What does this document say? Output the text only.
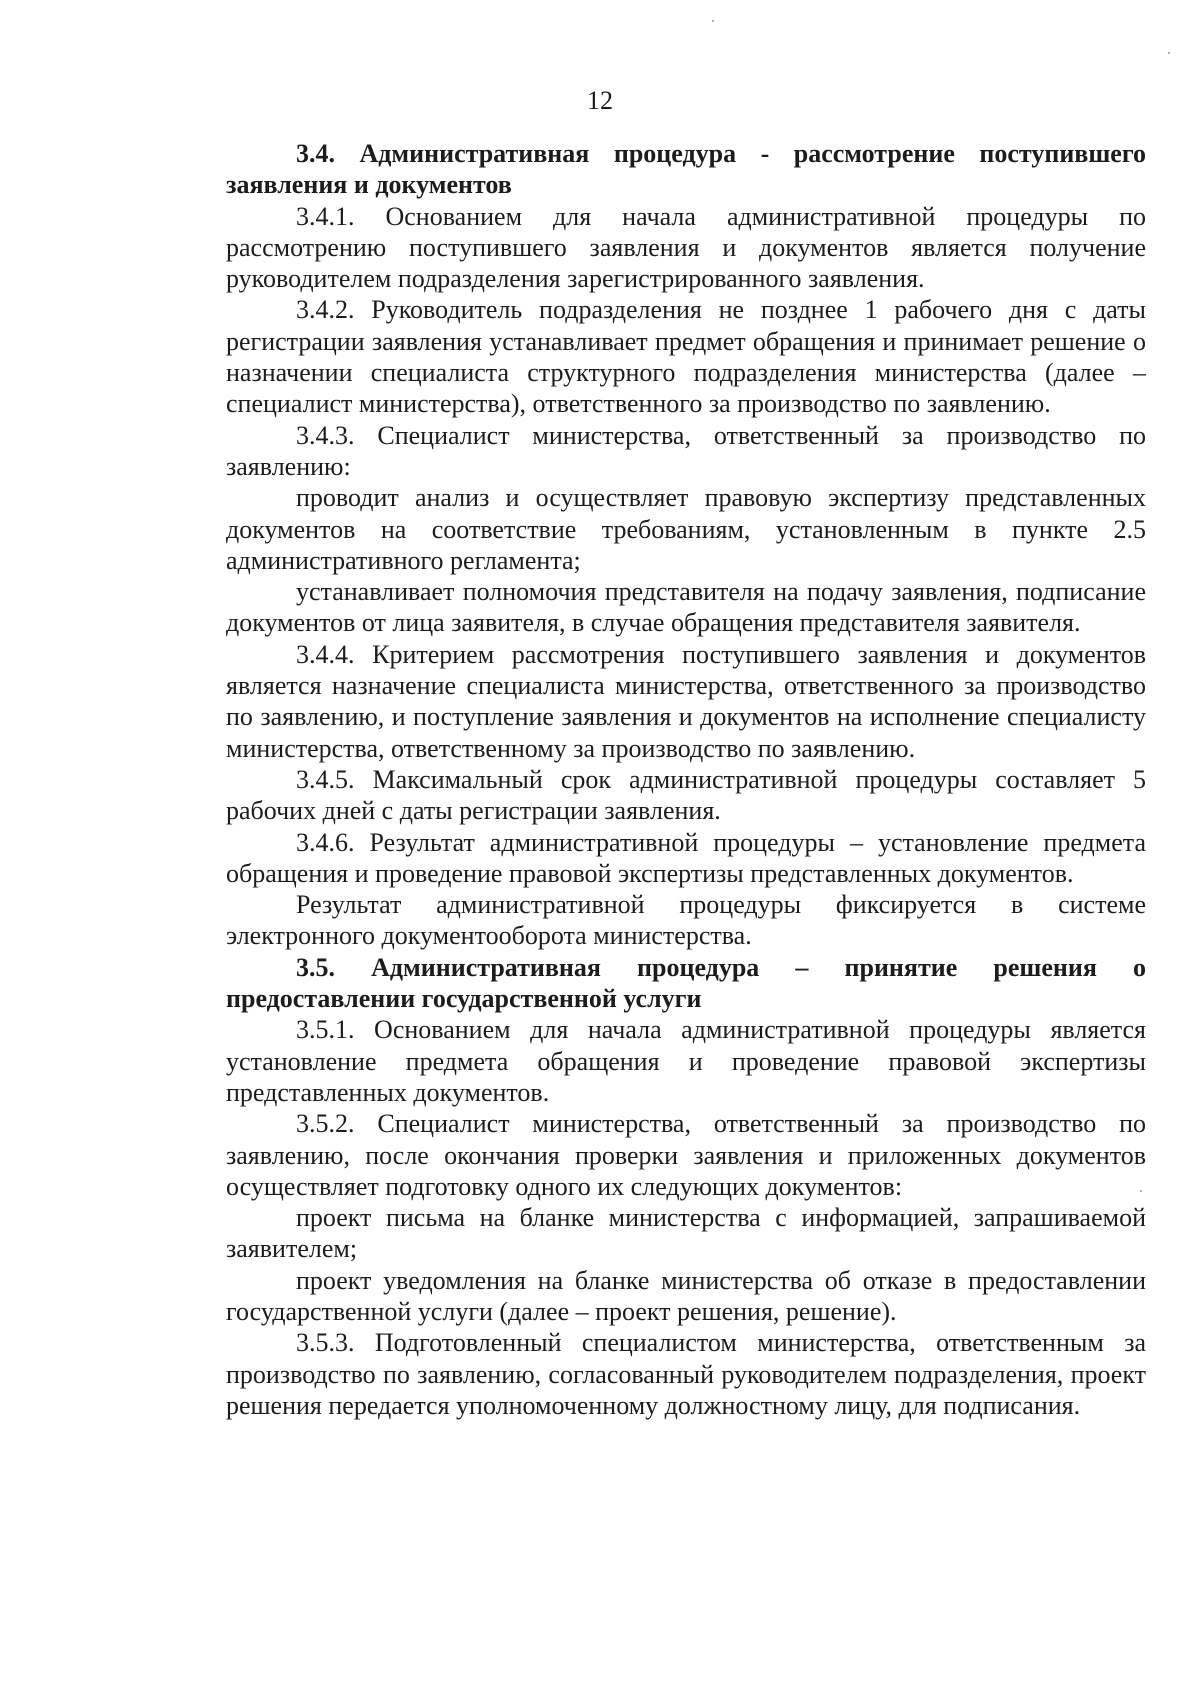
12

3.4. Административная процедура - рассмотрение поступившего заявления и документов

3.4.1. Основанием для начала административной процедуры по рассмотрению поступившего заявления и документов является получение руководителем подразделения зарегистрированного заявления.

3.4.2. Руководитель подразделения не позднее 1 рабочего дня с даты регистрации заявления устанавливает предмет обращения и принимает решение о назначении специалиста структурного подразделения министерства (далее – специалист министерства), ответственного за производство по заявлению.

3.4.3. Специалист министерства, ответственный за производство по заявлению:

проводит анализ и осуществляет правовую экспертизу представленных документов на соответствие требованиям, установленным в пункте 2.5 административного регламента;

устанавливает полномочия представителя на подачу заявления, подписание документов от лица заявителя, в случае обращения представителя заявителя.

3.4.4. Критерием рассмотрения поступившего заявления и документов является назначение специалиста министерства, ответственного за производство по заявлению, и поступление заявления и документов на исполнение специалисту министерства, ответственному за производство по заявлению.

3.4.5. Максимальный срок административной процедуры составляет 5 рабочих дней с даты регистрации заявления.

3.4.6. Результат административной процедуры – установление предмета обращения и проведение правовой экспертизы представленных документов.

Результат административной процедуры фиксируется в системе электронного документооборота министерства.

3.5. Административная процедура – принятие решения о предоставлении государственной услуги

3.5.1. Основанием для начала административной процедуры является установление предмета обращения и проведение правовой экспертизы представленных документов.

3.5.2. Специалист министерства, ответственный за производство по заявлению, после окончания проверки заявления и приложенных документов осуществляет подготовку одного их следующих документов:

проект письма на бланке министерства с информацией, запрашиваемой заявителем;

проект уведомления на бланке министерства об отказе в предоставлении государственной услуги (далее – проект решения, решение).

3.5.3. Подготовленный специалистом министерства, ответственным за производство по заявлению, согласованный руководителем подразделения, проект решения передается уполномоченному должностному лицу, для подписания.
